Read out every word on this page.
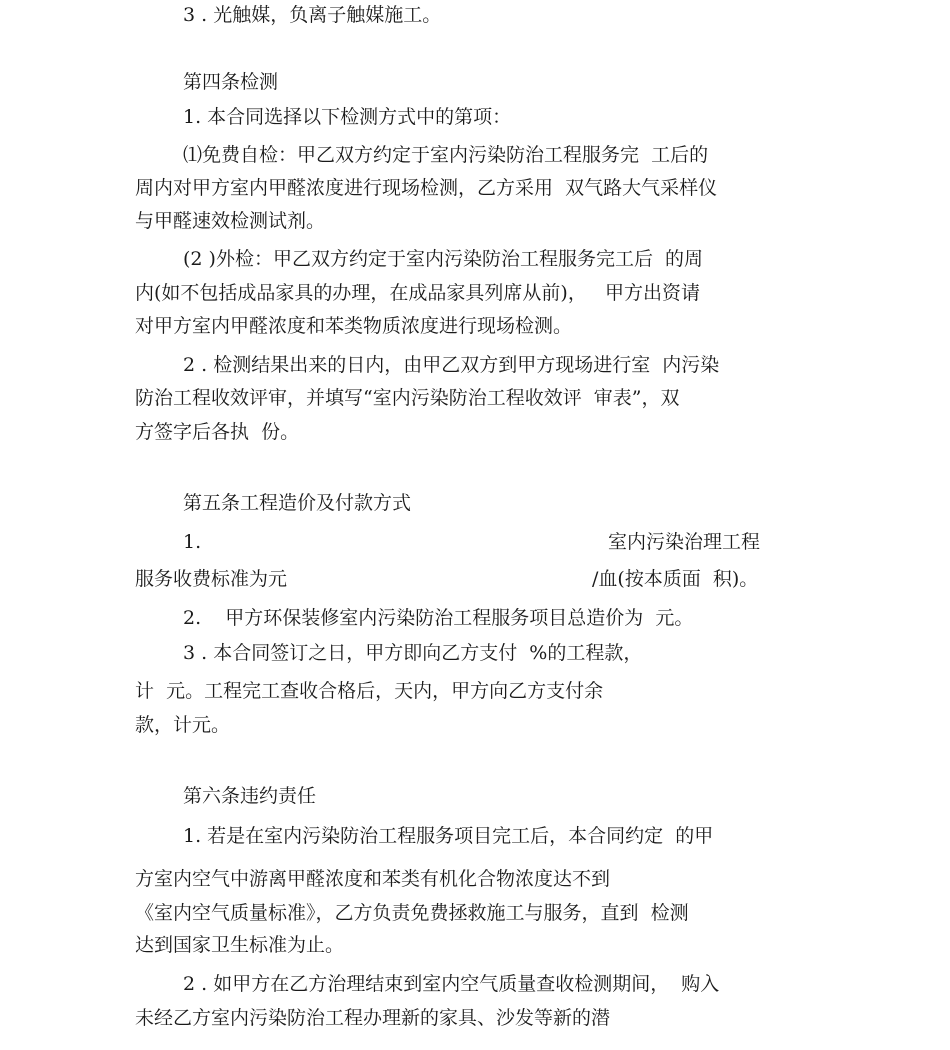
3 . 光触媒，负离子触媒施工。
第四条检测
1. 本合同选择以下检测方式中的第项：
⑴免费自检：甲乙双方约定于室内污染防治工程服务完  工后的
周内对甲方室内甲醛浓度进行现场检测，乙方采用  双气路大气采样仪
与甲醛速效检测试剂。
(2 )外检：甲乙双方约定于室内污染防治工程服务完工后  的周
内(如不包括成品家具的办理，在成品家具列席从前)，   甲方出资请
对甲方室内甲醛浓度和苯类物质浓度进行现场检测。
2 . 检测结果出来的日内，由甲乙双方到甲方现场进行室  内污染
防治工程收效评审，并填写“室内污染防治工程收效评  审表”，双
方签字后各执  份。
第五条工程造价及付款方式
1.	室内污染治理工程
服务收费标准为元	/血(按本质面  积)。
2.    甲方环保装修室内污染防治工程服务项目总造价为  元。
3 . 本合同签订之日，甲方即向乙方支付  %的工程款，
计  元。工程完工查收合格后，天内，甲方向乙方支付余
款，计元。
第六条违约责任
1. 若是在室内污染防治工程服务项目完工后，本合同约定  的甲
方室内空气中游离甲醛浓度和苯类有机化合物浓度达不到
《室内空气质量标准》，乙方负责免费拯救施工与服务，直到  检测
达到国家卫生标准为止。
2 . 如甲方在乙方治理结束到室内空气质量查收检测期间，  购入
未经乙方室内污染防治工程办理新的家具、沙发等新的潜
